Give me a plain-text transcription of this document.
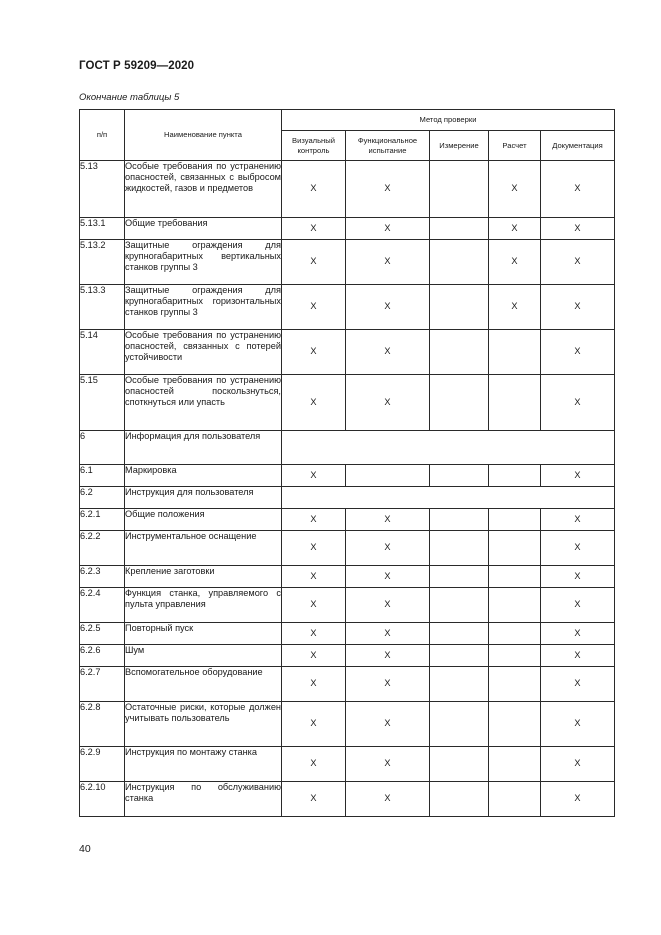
ГОСТ Р 59209—2020
Окончание таблицы 5
п/п	Наименование пункта	Метод проверки				
		Визуальный контроль	Функциональное испытание	Измерение	Расчет	Документация
5.13	Особые требования по устранению опасностей, связанных с выбросом жидкостей, газов и предметов	X	X		X	X
5.13.1	Общие требования	X	X		X	X
5.13.2	Защитные ограждения для крупногабаритных вертикальных станков группы 3	X	X		X	X
5.13.3	Защитные ограждения для крупногабаритных горизонтальных станков группы 3	X	X		X	X
5.14	Особые требования по устранению опасностей, связанных с потерей устойчивости	X	X			X
5.15	Особые требования по устранению опасностей поскользнуться, споткнуться или упасть	X	X			X
6	Информация для пользователя					
6.1	Маркировка	X				X
6.2	Инструкция для пользователя					
6.2.1	Общие положения	X	X			X
6.2.2	Инструментальное оснащение	X	X			X
6.2.3	Крепление заготовки	X	X			X
6.2.4	Функция станка, управляемого с пульта управления	X	X			X
6.2.5	Повторный пуск	X	X			X
6.2.6	Шум	X	X			X
6.2.7	Вспомогательное оборудование	X	X			X
6.2.8	Остаточные риски, которые должен учитывать пользователь	X	X			X
6.2.9	Инструкция по монтажу станка	X	X			X
6.2.10	Инструкция по обслуживанию станка	X	X			X
40
